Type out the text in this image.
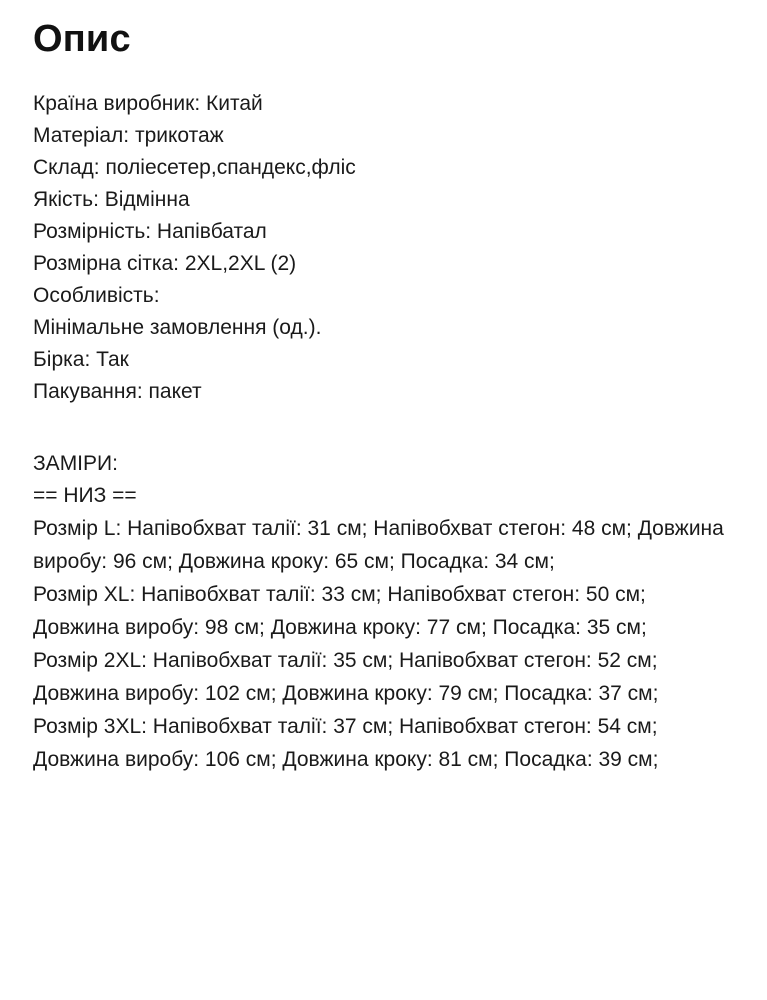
Опис
Країна виробник: Китай
Матеріал: трикотаж
Склад: поліесетер,спандекс,фліс
Якість: Відмінна
Розмірність: Напівбатал
Розмірна сітка: 2XL,2XL (2)
Особливість:
Мінімальне замовлення (од.).
Бірка: Так
Пакування: пакет
ЗАМІРИ:
== НИЗ ==

Розмір L: Напівобхват талії: 31 см; Напівобхват стегон: 48 см; Довжина виробу: 96 см; Довжина кроку: 65 см; Посадка: 34 см;

Розмір XL: Напівобхват талії: 33 см; Напівобхват стегон: 50 см; Довжина виробу: 98 см; Довжина кроку: 77 см; Посадка: 35 см;

Розмір 2XL: Напівобхват талії: 35 см; Напівобхват стегон: 52 см; Довжина виробу: 102 см; Довжина кроку: 79 см; Посадка: 37 см;

Розмір 3XL: Напівобхват талії: 37 см; Напівобхват стегон: 54 см; Довжина виробу: 106 см; Довжина кроку: 81 см; Посадка: 39 см;
